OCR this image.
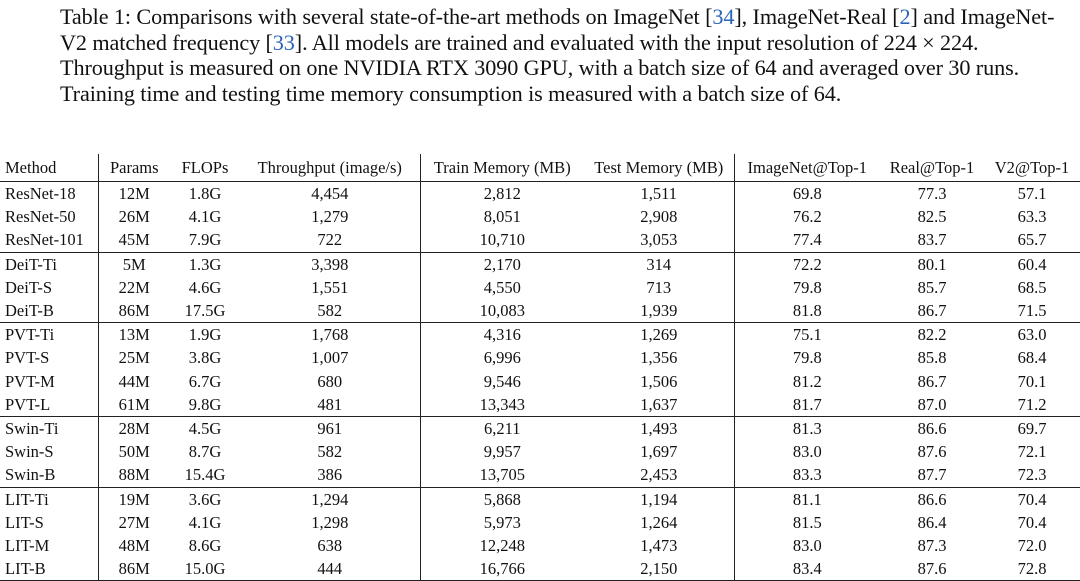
Table 1: Comparisons with several state-of-the-art methods on ImageNet [34], ImageNet-Real [2] and ImageNet-V2 matched frequency [33]. All models are trained and evaluated with the input resolution of 224 × 224. Throughput is measured on one NVIDIA RTX 3090 GPU, with a batch size of 64 and averaged over 30 runs. Training time and testing time memory consumption is measured with a batch size of 64.
Method	Params	FLOPs	Throughput (image/s)	Train Memory (MB)	Test Memory (MB)	ImageNet@Top-1	Real@Top-1	V2@Top-1
ResNet-18	12M	1.8G	4,454	2,812	1,511	69.8	77.3	57.1
ResNet-50	26M	4.1G	1,279	8,051	2,908	76.2	82.5	63.3
ResNet-101	45M	7.9G	722	10,710	3,053	77.4	83.7	65.7
DeiT-Ti	5M	1.3G	3,398	2,170	314	72.2	80.1	60.4
DeiT-S	22M	4.6G	1,551	4,550	713	79.8	85.7	68.5
DeiT-B	86M	17.5G	582	10,083	1,939	81.8	86.7	71.5
PVT-Ti	13M	1.9G	1,768	4,316	1,269	75.1	82.2	63.0
PVT-S	25M	3.8G	1,007	6,996	1,356	79.8	85.8	68.4
PVT-M	44M	6.7G	680	9,546	1,506	81.2	86.7	70.1
PVT-L	61M	9.8G	481	13,343	1,637	81.7	87.0	71.2
Swin-Ti	28M	4.5G	961	6,211	1,493	81.3	86.6	69.7
Swin-S	50M	8.7G	582	9,957	1,697	83.0	87.6	72.1
Swin-B	88M	15.4G	386	13,705	2,453	83.3	87.7	72.3
LIT-Ti	19M	3.6G	1,294	5,868	1,194	81.1	86.6	70.4
LIT-S	27M	4.1G	1,298	5,973	1,264	81.5	86.4	70.4
LIT-M	48M	8.6G	638	12,248	1,473	83.0	87.3	72.0
LIT-B	86M	15.0G	444	16,766	2,150	83.4	87.6	72.8
